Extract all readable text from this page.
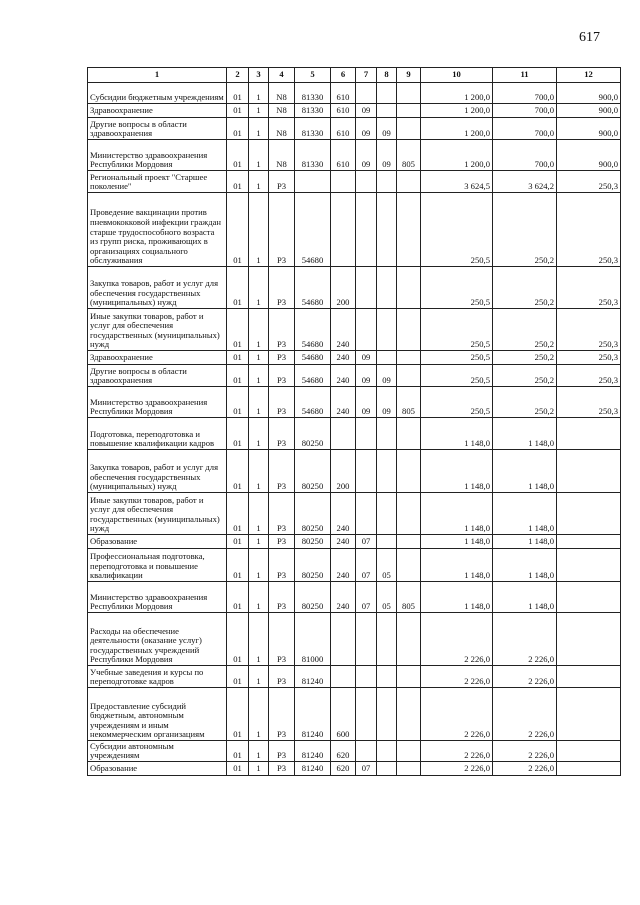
617
1	2	3	4	5	6	7	8	9	10	11	12
Субсидии бюджетным учреждениям	01	1	N8	81330	610				1 200,0	700,0	900,0
Здравоохранение	01	1	N8	81330	610	09			1 200,0	700,0	900,0
Другие вопросы в области здравоохранения	01	1	N8	81330	610	09	09		1 200,0	700,0	900,0
Министерство здравоохранения Республики Мордовия	01	1	N8	81330	610	09	09	805	1 200,0	700,0	900,0
Региональный проект "Старшее поколение"	01	1	P3						3 624,5	3 624,2	250,3
Проведение вакцинации против пневмококковой инфекции граждан старше трудоспособного возраста из групп риска, проживающих в организациях социального обслуживания	01	1	P3	54680					250,5	250,2	250,3
Закупка товаров, работ и услуг для обеспечения государственных (муниципальных) нужд	01	1	P3	54680	200				250,5	250,2	250,3
Иные закупки товаров, работ и услуг для обеспечения государственных (муниципальных) нужд	01	1	P3	54680	240				250,5	250,2	250,3
Здравоохранение	01	1	P3	54680	240	09			250,5	250,2	250,3
Другие вопросы в области здравоохранения	01	1	P3	54680	240	09	09		250,5	250,2	250,3
Министерство здравоохранения Республики Мордовия	01	1	P3	54680	240	09	09	805	250,5	250,2	250,3
Подготовка, переподготовка и повышение квалификации кадров	01	1	P3	80250					1 148,0	1 148,0	
Закупка товаров, работ и услуг для обеспечения государственных (муниципальных) нужд	01	1	P3	80250	200				1 148,0	1 148,0	
Иные закупки товаров, работ и услуг для обеспечения государственных (муниципальных) нужд	01	1	P3	80250	240				1 148,0	1 148,0	
Образование	01	1	P3	80250	240	07			1 148,0	1 148,0	
Профессиональная подготовка, переподготовка и повышение квалификации	01	1	P3	80250	240	07	05		1 148,0	1 148,0	
Министерство здравоохранения Республики Мордовия	01	1	P3	80250	240	07	05	805	1 148,0	1 148,0	
Расходы на обеспечение деятельности (оказание услуг) государственных учреждений Республики Мордовия	01	1	P3	81000					2 226,0	2 226,0	
Учебные заведения и курсы по переподготовке кадров	01	1	P3	81240					2 226,0	2 226,0	
Предоставление субсидий бюджетным, автономным учреждениям и иным некоммерческим организациям	01	1	P3	81240	600				2 226,0	2 226,0	
Субсидии автономным учреждениям	01	1	P3	81240	620				2 226,0	2 226,0	
Образование	01	1	P3	81240	620	07			2 226,0	2 226,0	
